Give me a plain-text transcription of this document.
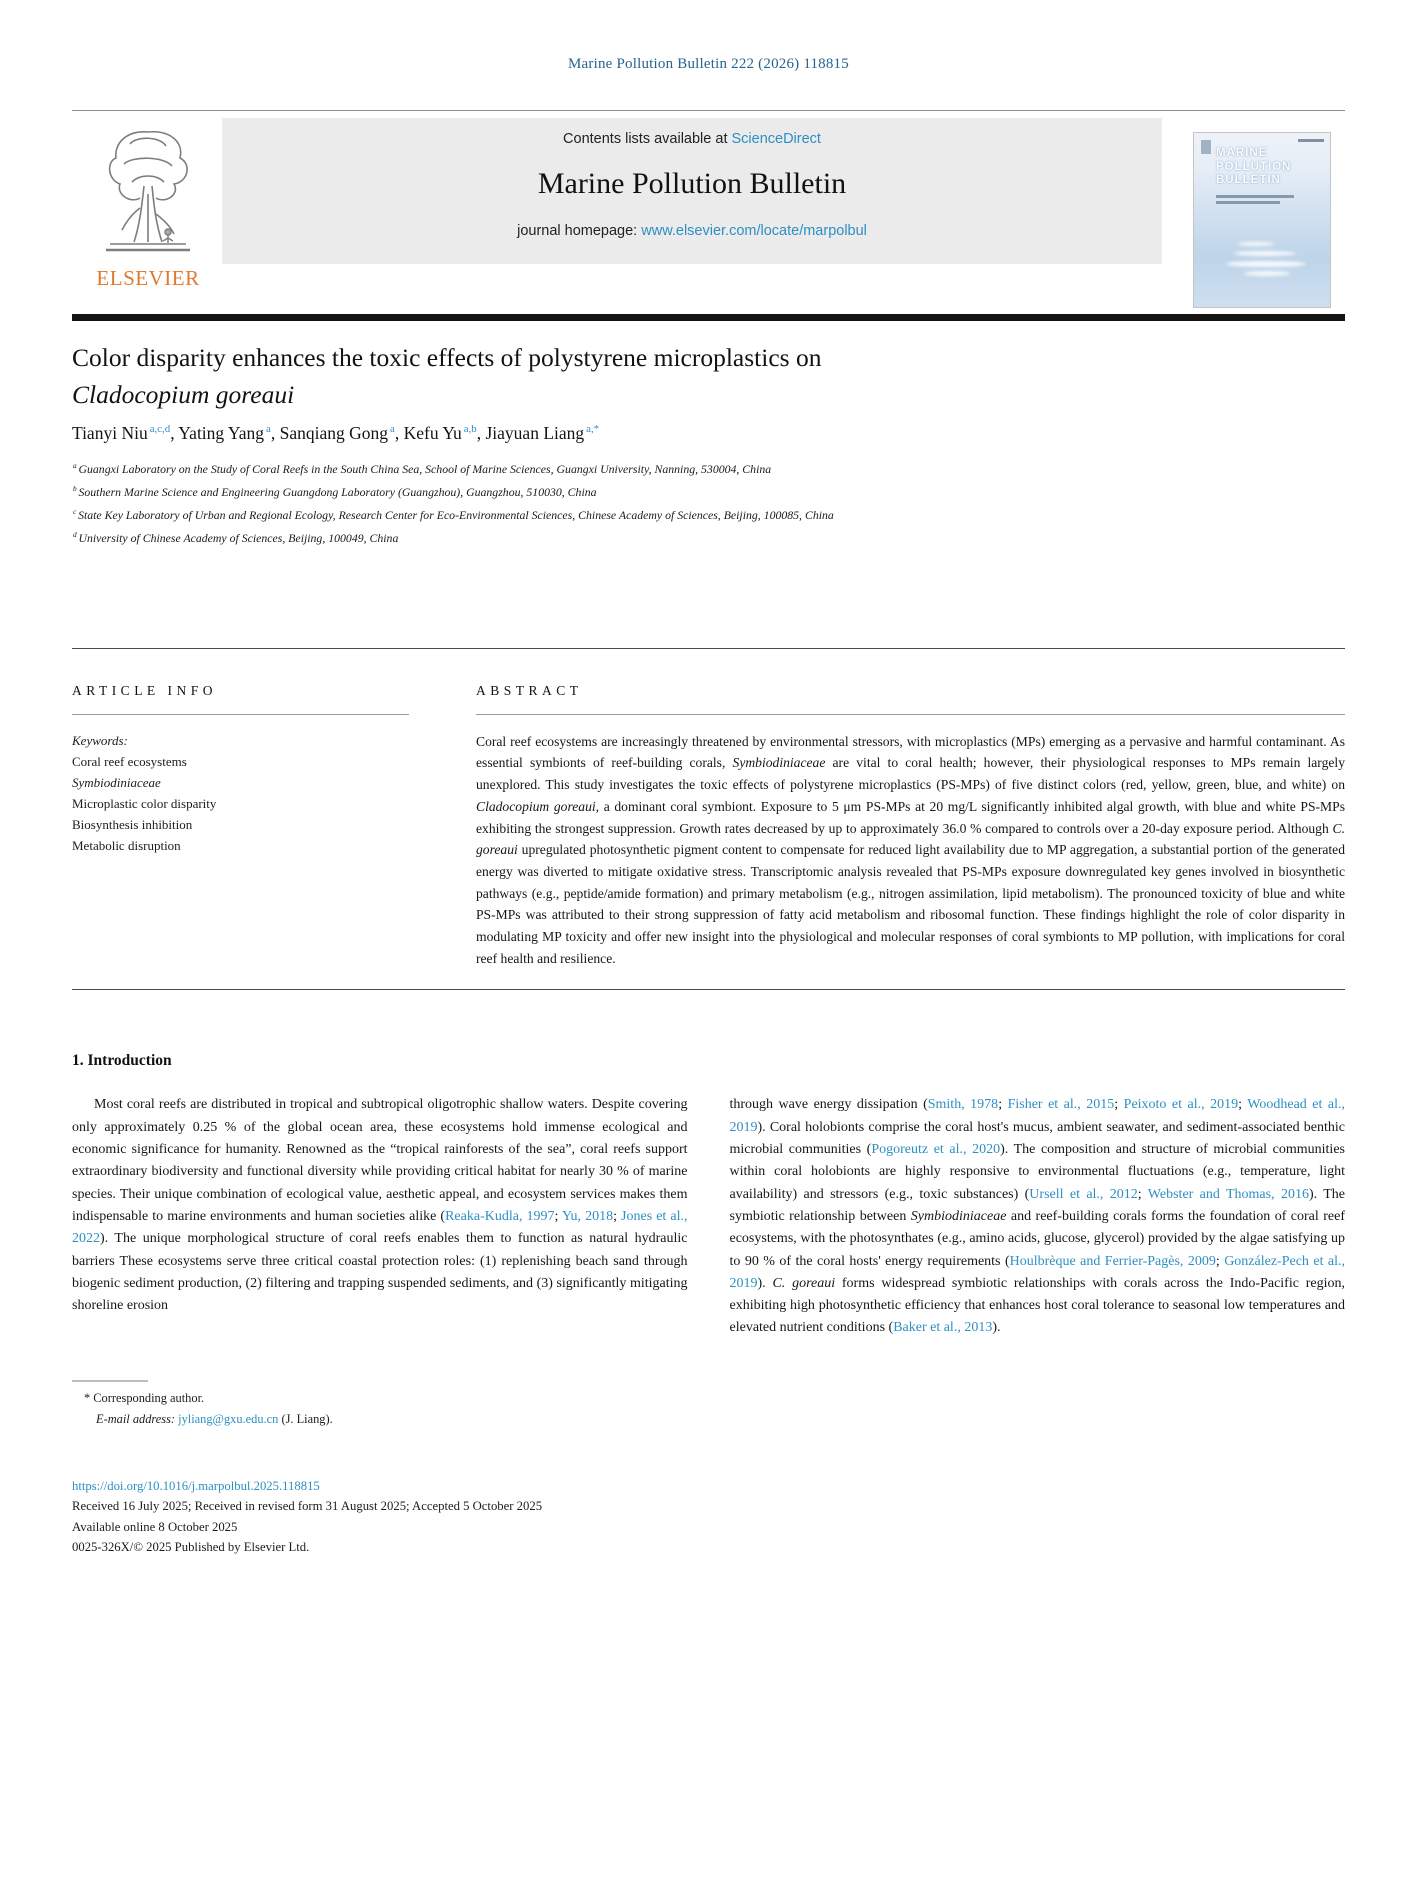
Marine Pollution Bulletin 222 (2026) 118815
ELSEVIER
Contents lists available at ScienceDirect
Marine Pollution Bulletin
journal homepage: www.elsevier.com/locate/marpolbul
MARINE
POLLUTION
BULLETIN
Color disparity enhances the toxic effects of polystyrene microplastics on
Cladocopium goreaui
Tianyi Niu $^{a,c,d}$, Yating Yang $^a$, Sanqiang Gong $^a$, Kefu Yu $^{a,b}$, Jiayuan Liang $^{a,*}$
$^a$ Guangxi Laboratory on the Study of Coral Reefs in the South China Sea, School of Marine Sciences, Guangxi University, Nanning, 530004, China
$^b$ Southern Marine Science and Engineering Guangdong Laboratory (Guangzhou), Guangzhou, 510030, China
$^c$ State Key Laboratory of Urban and Regional Ecology, Research Center for Eco-Environmental Sciences, Chinese Academy of Sciences, Beijing, 100085, China
$^d$ University of Chinese Academy of Sciences, Beijing, 100049, China
ARTICLE INFO
Keywords:
Coral reef ecosystems
Symbiodiniaceae
Microplastic color disparity
Biosynthesis inhibition
Metabolic disruption
ABSTRACT
Coral reef ecosystems are increasingly threatened by environmental stressors, with microplastics (MPs) emerging as a pervasive and harmful contaminant. As essential symbionts of reef-building corals, Symbiodiniaceae are vital to coral health; however, their physiological responses to MPs remain largely unexplored. This study investigates the toxic effects of polystyrene microplastics (PS-MPs) of five distinct colors (red, yellow, green, blue, and white) on Cladocopium goreaui, a dominant coral symbiont. Exposure to 5 μm PS-MPs at 20 mg/L significantly inhibited algal growth, with blue and white PS-MPs exhibiting the strongest suppression. Growth rates decreased by up to approximately 36.0 % compared to controls over a 20-day exposure period. Although C. goreaui upregulated photosynthetic pigment content to compensate for reduced light availability due to MP aggregation, a substantial portion of the generated energy was diverted to mitigate oxidative stress. Transcriptomic analysis revealed that PS-MPs exposure downregulated key genes involved in biosynthetic pathways (e.g., peptide/amide formation) and primary metabolism (e.g., nitrogen assimilation, lipid metabolism). The pronounced toxicity of blue and white PS-MPs was attributed to their strong suppression of fatty acid metabolism and ribosomal function. These findings highlight the role of color disparity in modulating MP toxicity and offer new insight into the physiological and molecular responses of coral symbionts to MP pollution, with implications for coral reef health and resilience.
1. Introduction
Most coral reefs are distributed in tropical and subtropical oligotrophic shallow waters. Despite covering only approximately 0.25 % of the global ocean area, these ecosystems hold immense ecological and economic significance for humanity. Renowned as the “tropical rainforests of the sea”, coral reefs support extraordinary biodiversity and functional diversity while providing critical habitat for nearly 30 % of marine species. Their unique combination of ecological value, aesthetic appeal, and ecosystem services makes them indispensable to marine environments and human societies alike (Reaka-Kudla, 1997; Yu, 2018; Jones et al., 2022). The unique morphological structure of coral reefs enables them to function as natural hydraulic barriers These ecosystems serve three critical coastal protection roles: (1) replenishing beach sand through biogenic sediment production, (2) filtering and trapping suspended sediments, and (3) significantly mitigating shoreline erosion
through wave energy dissipation (Smith, 1978; Fisher et al., 2015; Peixoto et al., 2019; Woodhead et al., 2019). Coral holobionts comprise the coral host's mucus, ambient seawater, and sediment-associated benthic microbial communities (Pogoreutz et al., 2020). The composition and structure of microbial communities within coral holobionts are highly responsive to environmental fluctuations (e.g., temperature, light availability) and stressors (e.g., toxic substances) (Ursell et al., 2012; Webster and Thomas, 2016). The symbiotic relationship between Symbiodiniaceae and reef-building corals forms the foundation of coral reef ecosystems, with the photosynthates (e.g., amino acids, glucose, glycerol) provided by the algae satisfying up to 90 % of the coral hosts' energy requirements (Houlbrèque and Ferrier-Pagès, 2009; González-Pech et al., 2019). C. goreaui forms widespread symbiotic relationships with corals across the Indo-Pacific region, exhibiting high photosynthetic efficiency that enhances host coral tolerance to seasonal low temperatures and elevated nutrient conditions (Baker et al., 2013).
* Corresponding author.
E-mail address: jyliang@gxu.edu.cn (J. Liang).
https://doi.org/10.1016/j.marpolbul.2025.118815
Received 16 July 2025; Received in revised form 31 August 2025; Accepted 5 October 2025
Available online 8 October 2025
0025-326X/© 2025 Published by Elsevier Ltd.
